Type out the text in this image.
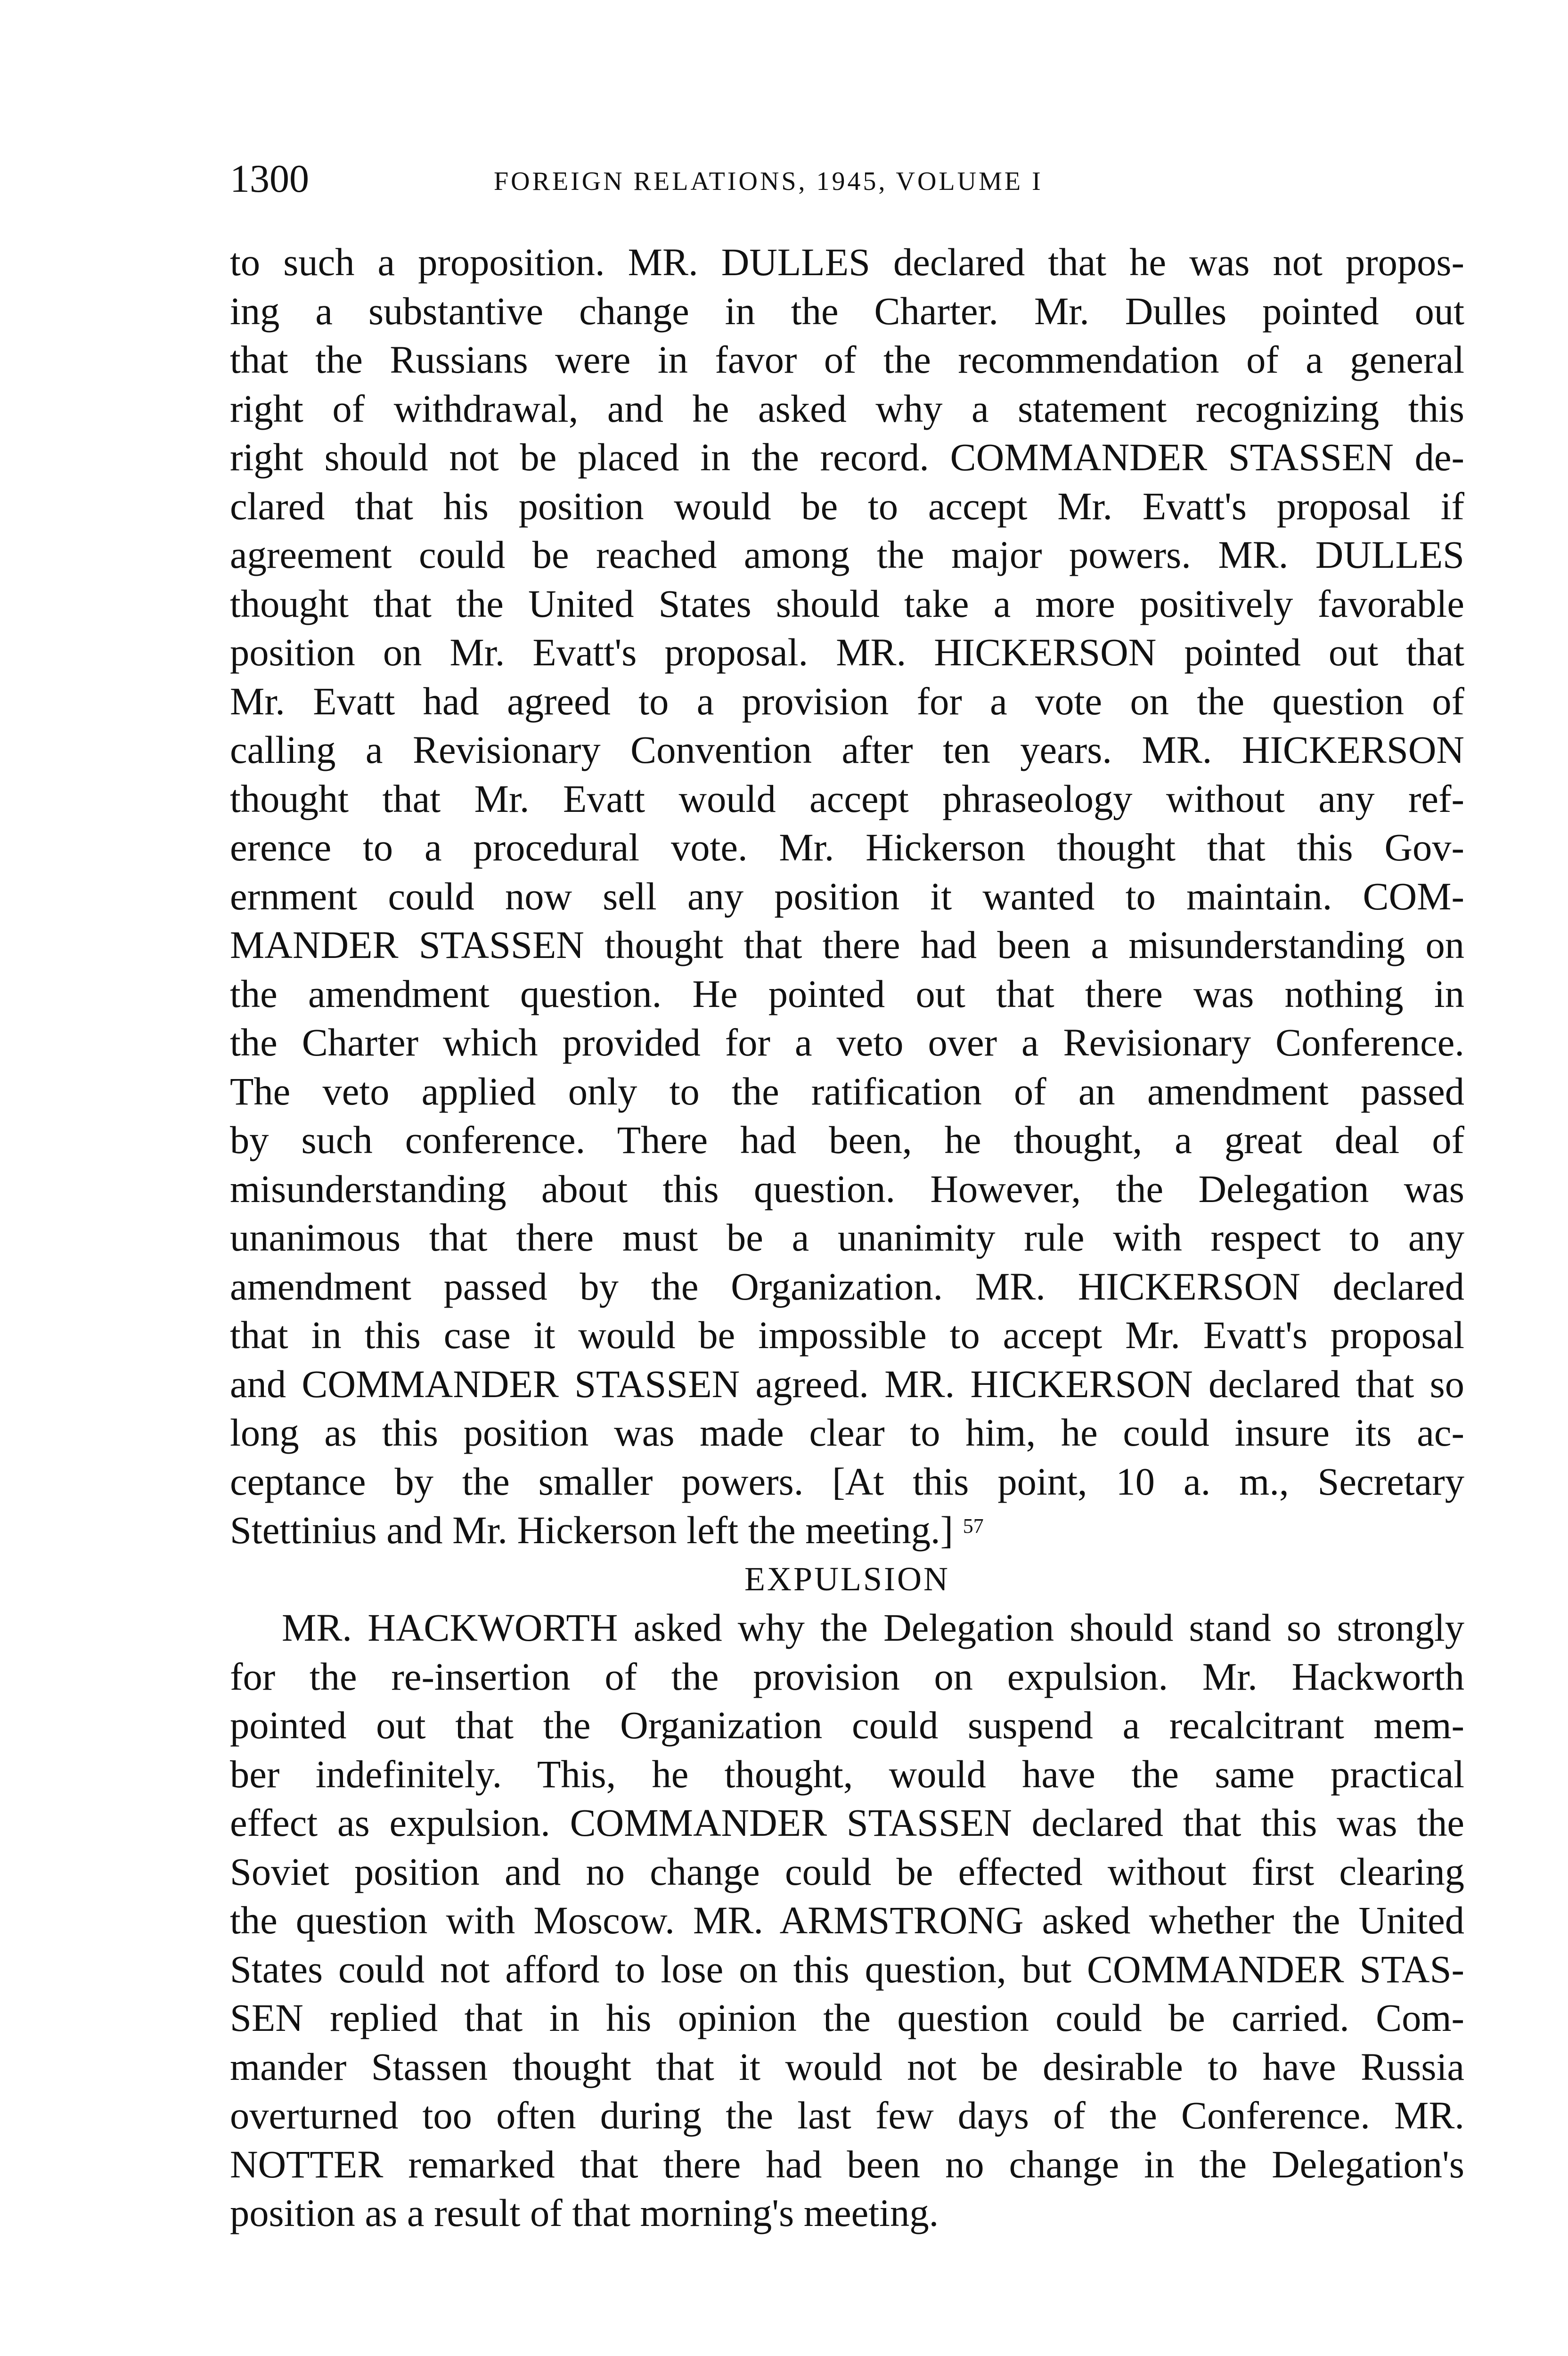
1300	FOREIGN RELATIONS, 1945, VOLUME I
to such a proposition. MR. DULLES declared that he was not propos-
ing a substantive change in the Charter. Mr. Dulles pointed out
that the Russians were in favor of the recommendation of a general
right of withdrawal, and he asked why a statement recognizing this
right should not be placed in the record. COMMANDER STASSEN de-
clared that his position would be to accept Mr. Evatt's proposal if
agreement could be reached among the major powers. MR. DULLES
thought that the United States should take a more positively favorable
position on Mr. Evatt's proposal. MR. HICKERSON pointed out that
Mr. Evatt had agreed to a provision for a vote on the question of
calling a Revisionary Convention after ten years. MR. HICKERSON
thought that Mr. Evatt would accept phraseology without any ref-
erence to a procedural vote. Mr. Hickerson thought that this Gov-
ernment could now sell any position it wanted to maintain. COM-
MANDER STASSEN thought that there had been a misunderstanding on
the amendment question. He pointed out that there was nothing in
the Charter which provided for a veto over a Revisionary Conference.
The veto applied only to the ratification of an amendment passed
by such conference. There had been, he thought, a great deal of
misunderstanding about this question. However, the Delegation was
unanimous that there must be a unanimity rule with respect to any
amendment passed by the Organization. MR. HICKERSON declared
that in this case it would be impossible to accept Mr. Evatt's proposal
and COMMANDER STASSEN agreed. MR. HICKERSON declared that so
long as this position was made clear to him, he could insure its ac-
ceptance by the smaller powers. [At this point, 10 a. m., Secretary
Stettinius and Mr. Hickerson left the meeting.] $^{57}$
EXPULSION
MR. HACKWORTH asked why the Delegation should stand so strongly
for the re-insertion of the provision on expulsion. Mr. Hackworth
pointed out that the Organization could suspend a recalcitrant mem-
ber indefinitely. This, he thought, would have the same practical
effect as expulsion. COMMANDER STASSEN declared that this was the
Soviet position and no change could be effected without first clearing
the question with Moscow. MR. ARMSTRONG asked whether the United
States could not afford to lose on this question, but COMMANDER STAS-
SEN replied that in his opinion the question could be carried. Com-
mander Stassen thought that it would not be desirable to have Russia
overturned too often during the last few days of the Conference. MR.
NOTTER remarked that there had been no change in the Delegation's
position as a result of that morning's meeting.
